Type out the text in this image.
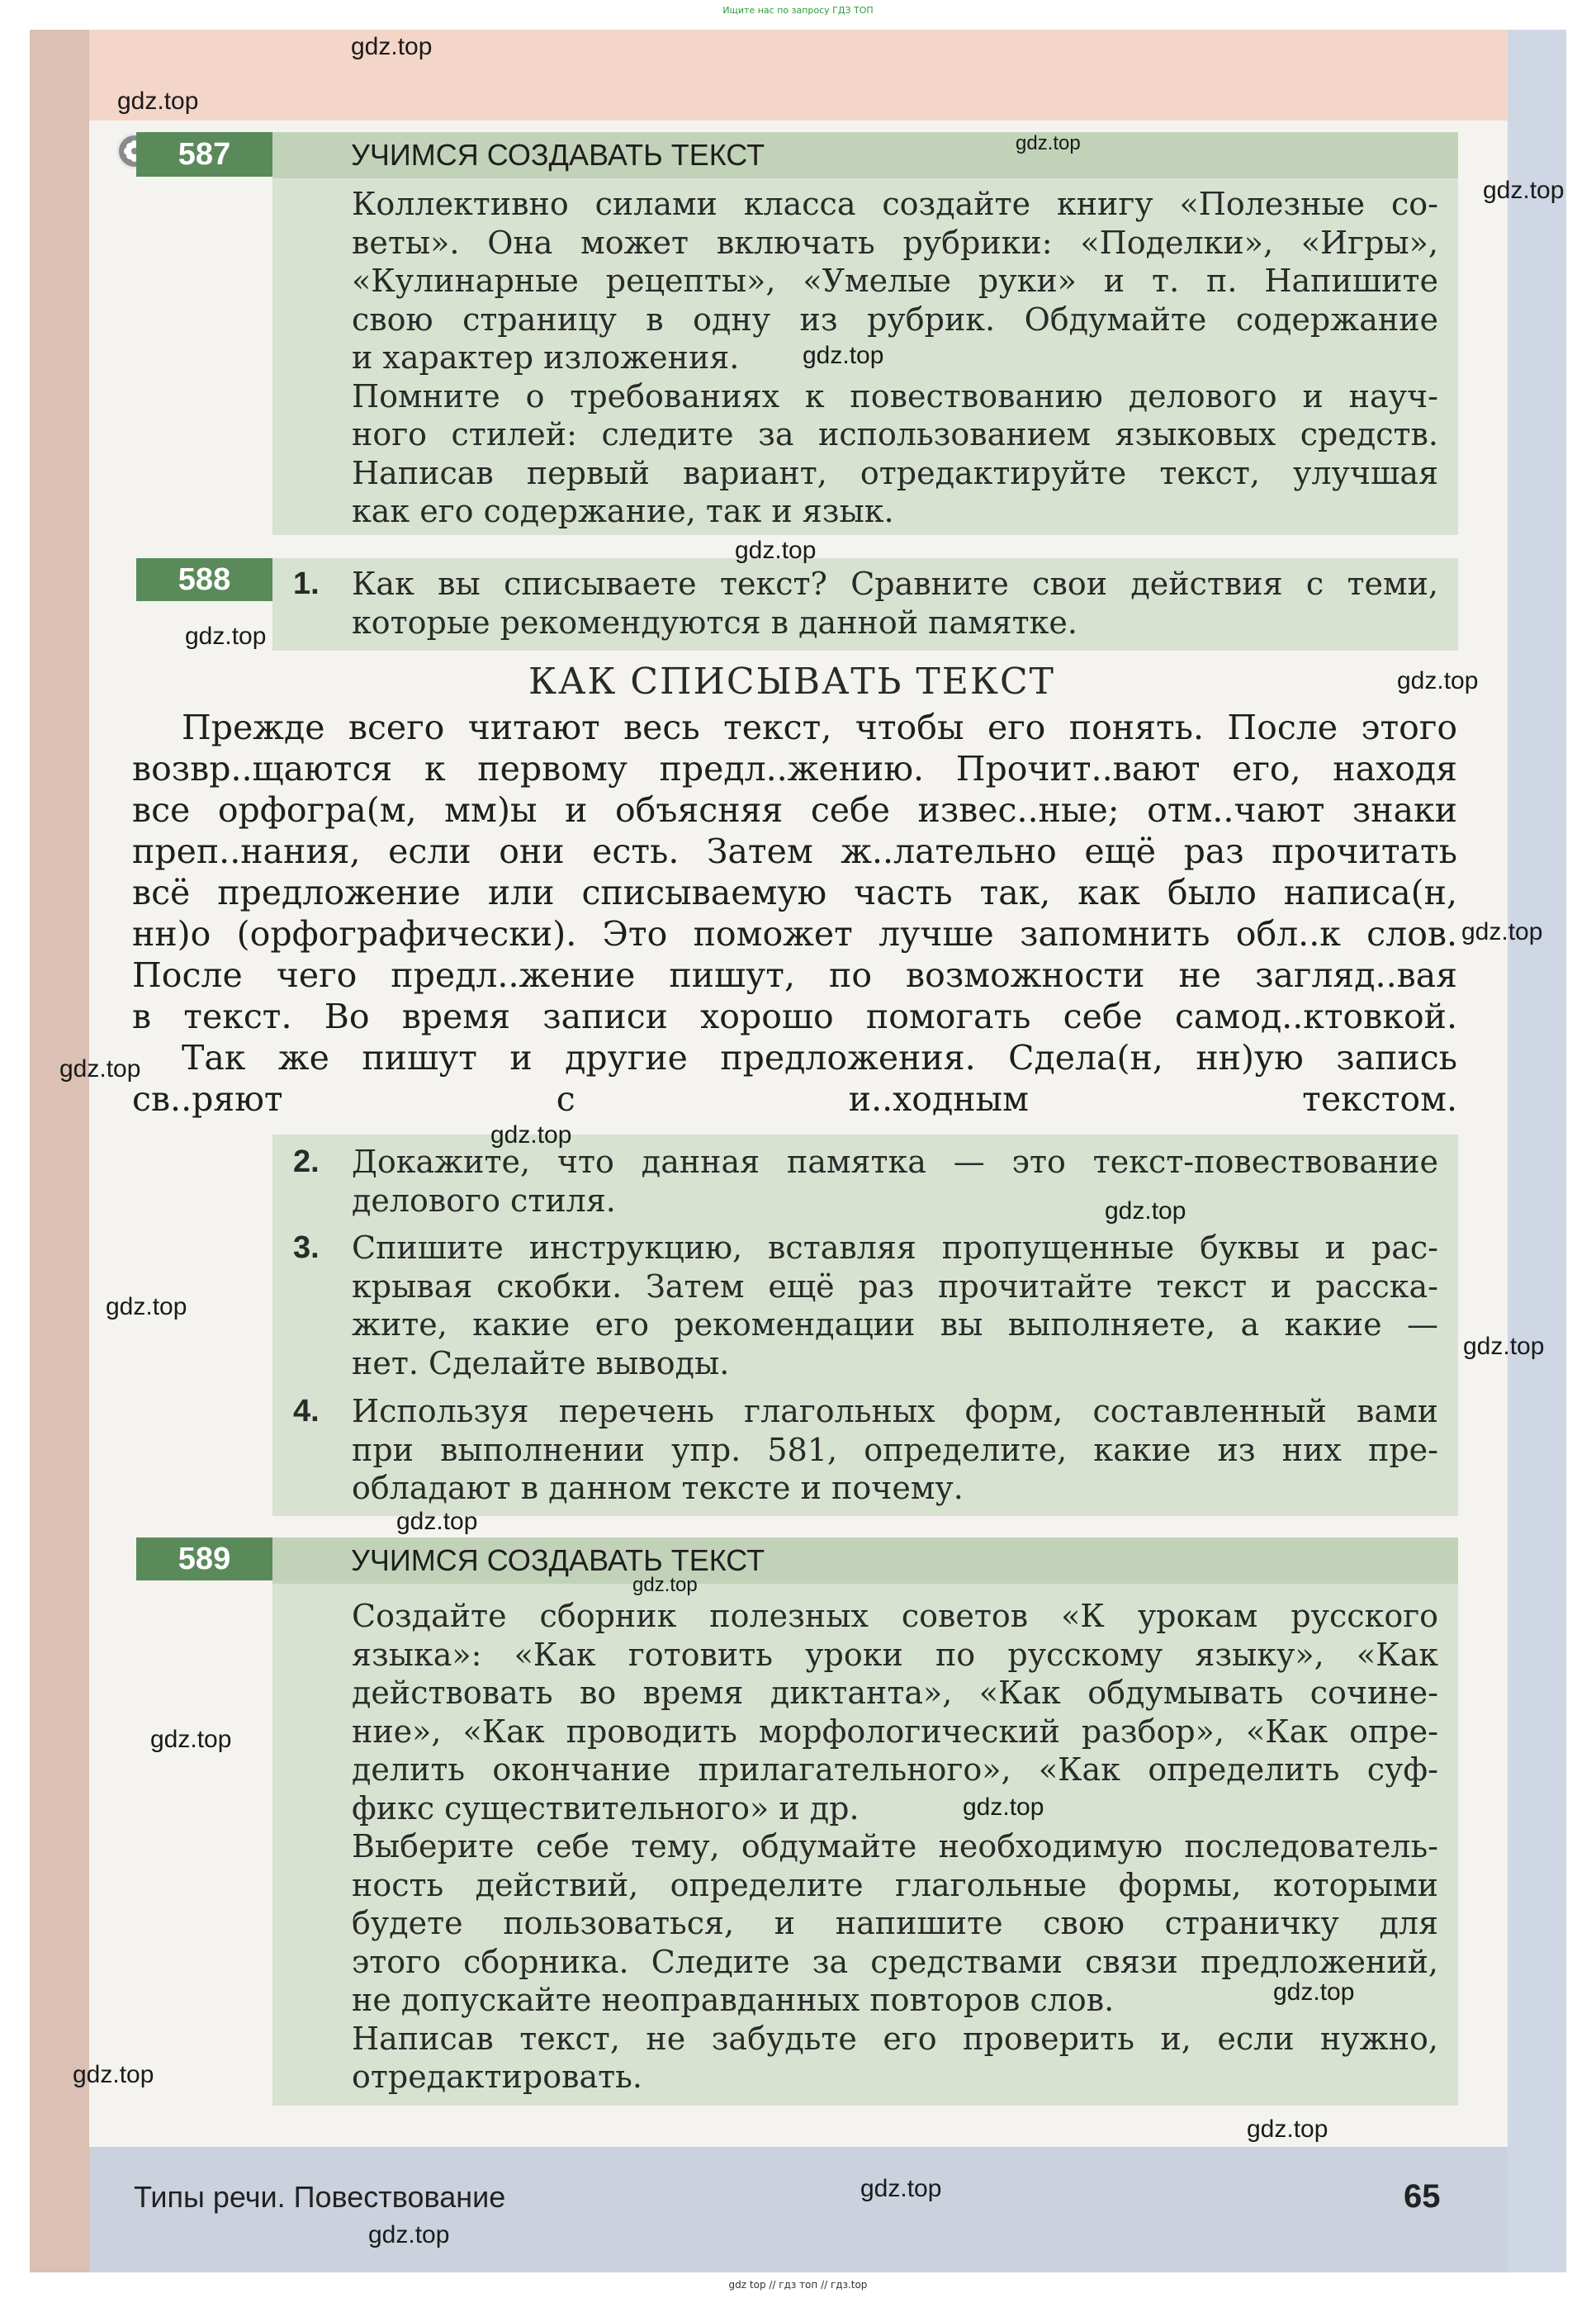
Ищите нас по запросу ГДЗ ТОП
587	УЧИМСЯ СОЗДАВАТЬ ТЕКСТ
Коллективно силами класса создайте книгу «Полезные со-
веты». Она может включать рубрики: «Поделки», «Игры»,
«Кулинарные рецепты», «Умелые руки» и т. п. Напишите
свою страницу в одну из рубрик. Обдумайте содержание
и характер изложения.
Помните о требованиях к повествованию делового и науч-
ного стилей: следите за использованием языковых средств.
Написав первый вариант, отредактируйте текст, улучшая
как его содержание, так и язык.
588	1. Как вы списываете текст? Сравните свои действия с теми,
которые рекомендуются в данной памятке.
КАК СПИСЫВАТЬ ТЕКСТ
Прежде всего читают весь текст, чтобы его понять. После этого
возвр..щаются к первому предл..жению. Прочит..вают его, находя
все орфогра(м, мм)ы и объясняя себе извес..ные; отм..чают знаки
преп..нания, если они есть. Затем ж..лательно ещё раз прочитать
всё предложение или списываемую часть так, как было написа(н,
нн)о (орфографически). Это поможет лучше запомнить обл..к слов.
После чего предл..жение пишут, по возможности не загляд..вая
в текст. Во время записи хорошо помогать себе самод..ктовкой.
Так же пишут и другие предложения. Сдела(н, нн)ую запись
св..ряют с и..ходным текстом.
2. Докажите, что данная памятка — это текст-повествование
делового стиля.
3. Спишите инструкцию, вставляя пропущенные буквы и рас-
крывая скобки. Затем ещё раз прочитайте текст и расска-
жите, какие его рекомендации вы выполняете, а какие —
нет. Сделайте выводы.
4. Используя перечень глагольных форм, составленный вами
при выполнении упр. 581, определите, какие из них пре-
обладают в данном тексте и почему.
589	УЧИМСЯ СОЗДАВАТЬ ТЕКСТ
Создайте сборник полезных советов «К урокам русского
языка»: «Как готовить уроки по русскому языку», «Как
действовать во время диктанта», «Как обдумывать сочине-
ние», «Как проводить морфологический разбор», «Как опре-
делить окончание прилагательного», «Как определить суф-
фикс существительного» и др.
Выберите себе тему, обдумайте необходимую последователь-
ность действий, определите глагольные формы, которыми
будете пользоваться, и напишите свою страничку для
этого сборника. Следите за средствами связи предложений,
не допускайте неоправданных повторов слов.
Написав текст, не забудьте его проверить и, если нужно,
отредактировать.
Типы речи. Повествование	65
gdz.top
gdz.top
gdz.top
gdz.top
gdz.top
gdz.top
gdz.top
gdz.top
gdz.top
gdz.top
gdz.top
gdz.top
gdz.top
gdz.top
gdz.top
gdz.top
gdz.top
gdz.top
gdz.top
gdz.top
gdz.top
gdz.top
gdz.top
gdz top // гдз топ // гдз.top
